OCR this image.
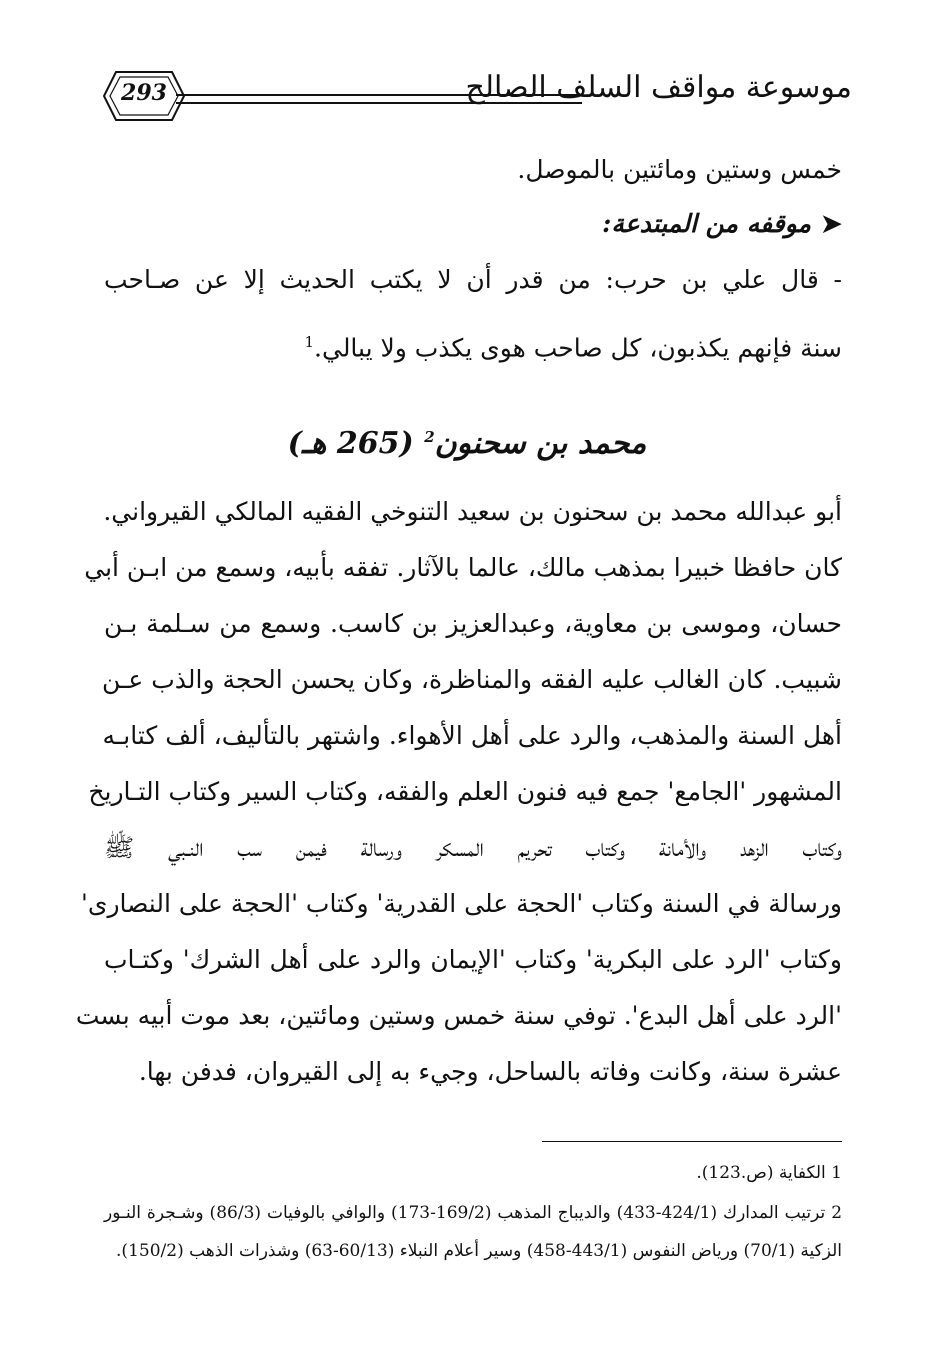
293	موسوعة مواقف السلف الصالح
خمس وستين ومائتين بالموصل.
➤موقفه من المبتدعة:
- قال علي بن حرب: من قدر أن لا يكتب الحديث إلا عن صـاحب
سنة فإنهم يكذبون، كل صاحب هوى يكذب ولا يبالي.$^1$
محمد بن سحنون$^2$ (265 هـ)
أبو عبدالله محمد بن سحنون بن سعيد التنوخي الفقيه المالكي القيرواني.
كان حافظا خبيرا بمذهب مالك، عالما بالآثار. تفقه بأبيه، وسمع من ابـن أبي
حسان، وموسى بن معاوية، وعبدالعزيز بن كاسب. وسمع من سـلمة بـن
شبيب. كان الغالب عليه الفقه والمناظرة، وكان يحسن الحجة والذب عـن
أهل السنة والمذهب، والرد على أهل الأهواء. واشتهر بالتأليف، ألف كتابـه
المشهور 'الجامع' جمع فيه فنون العلم والفقه، وكتاب السير وكتاب التـاريخ
وكتاب الزهد والأمانة وكتاب تحريم المسكر ورسالة فيمن سب النـبي ﷺ
ورسالة في السنة وكتاب 'الحجة على القدرية' وكتاب 'الحجة على النصارى'
وكتاب 'الرد على البكرية' وكتاب 'الإيمان والرد على أهل الشرك' وكتـاب
'الرد على أهل البدع'. توفي سنة خمس وستين ومائتين، بعد موت أبيه بست
عشرة سنة، وكانت وفاته بالساحل، وجيء به إلى القيروان، فدفن بها.
1 الكفاية (ص.123).
2 ترتيب المدارك (424/1-433) والديباج المذهب (169/2-173) والوافي بالوفيات (86/3) وشـجرة النـور
الزكية (70/1) ورياض النفوس (443/1-458) وسير أعلام النبلاء (60/13-63) وشذرات الذهب (150/2).
